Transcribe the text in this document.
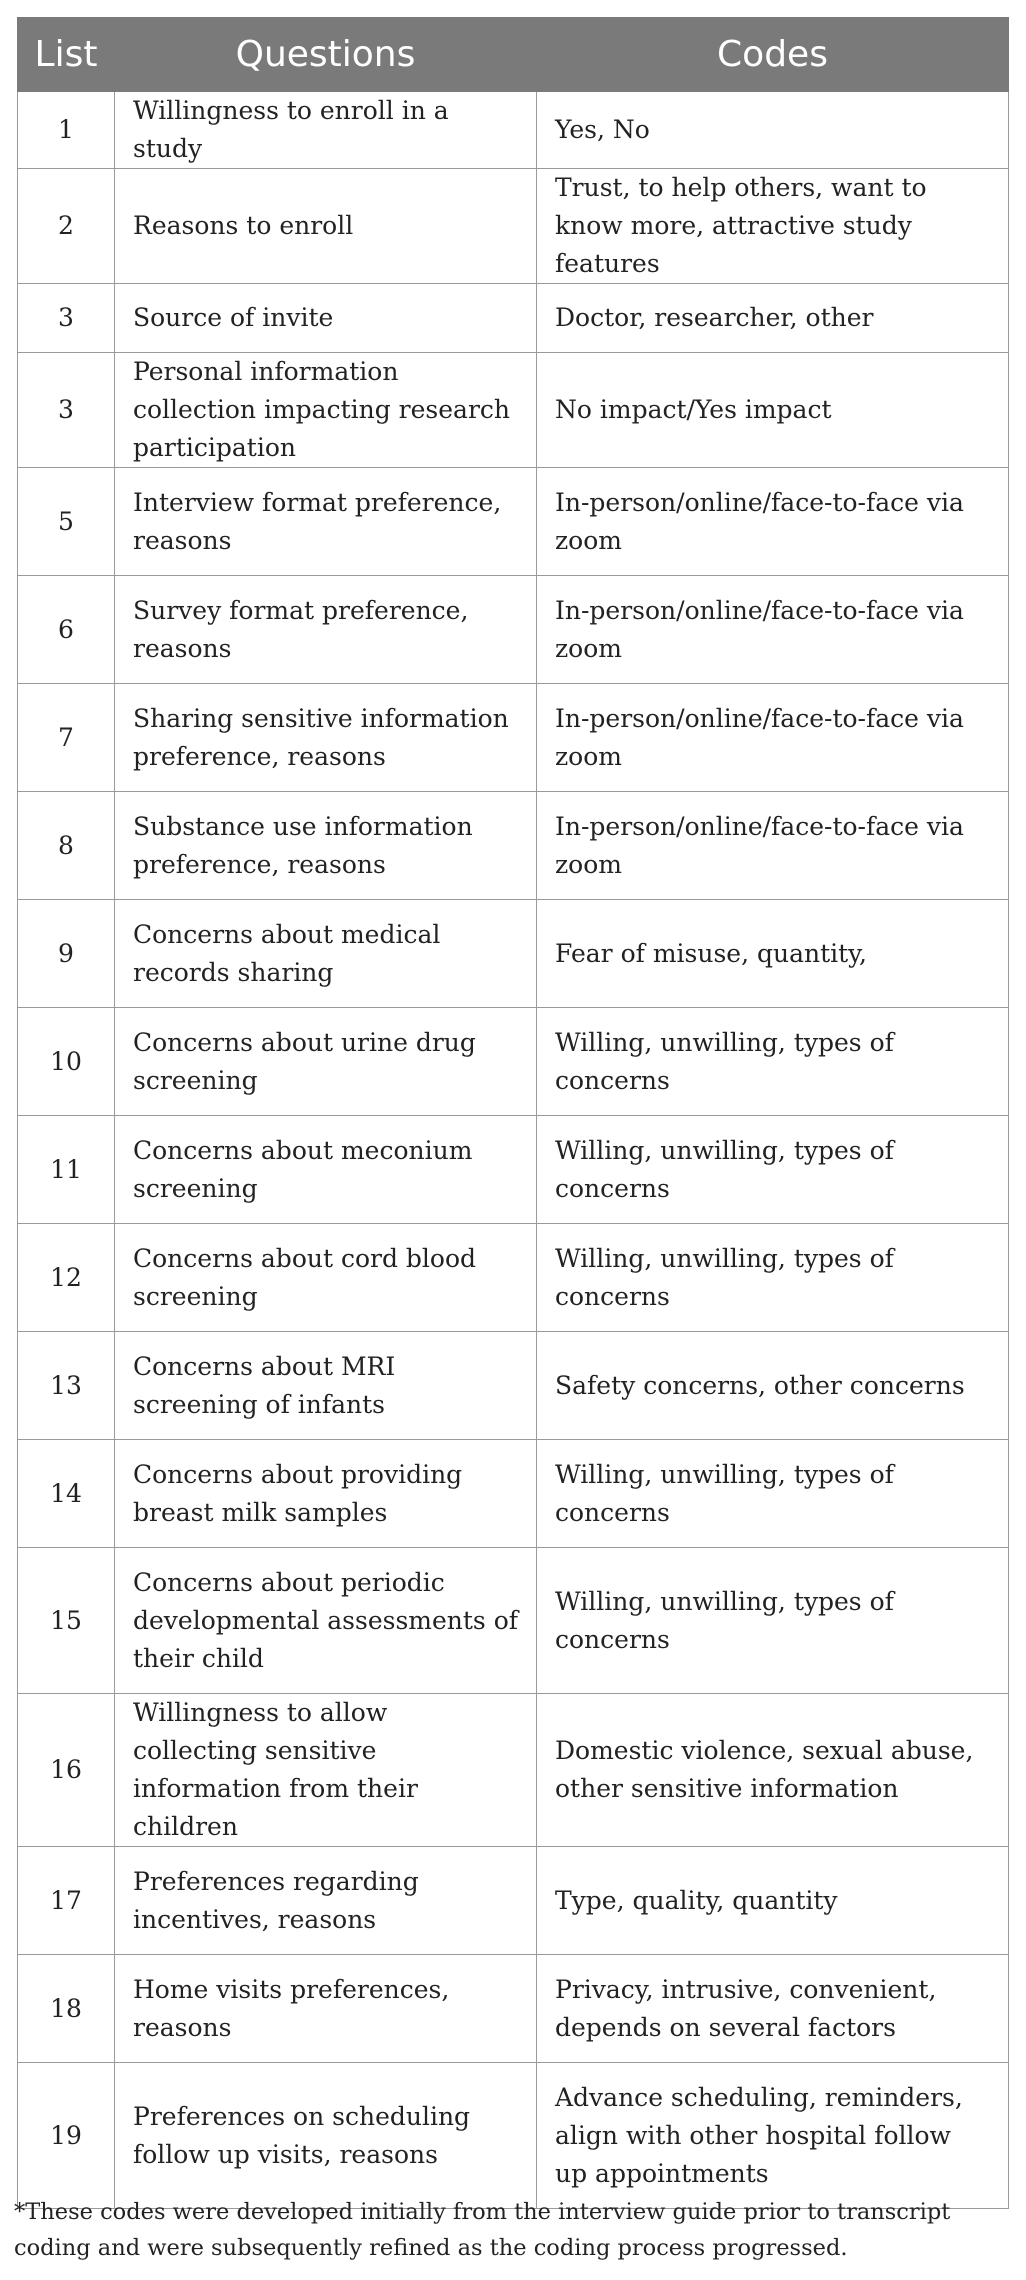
List	Questions	Codes
1	Willingness to enroll in a study	Yes, No
2	Reasons to enroll	Trust, to help others, want to know more, attractive study features
3	Source of invite	Doctor, researcher, other
3	Personal information collection impacting research participation	No impact/Yes impact
5	Interview format preference, reasons	In-person/online/face-to-face via zoom
6	Survey format preference, reasons	In-person/online/face-to-face via zoom
7	Sharing sensitive information preference, reasons	In-person/online/face-to-face via zoom
8	Substance use information preference, reasons	In-person/online/face-to-face via zoom
9	Concerns about medical records sharing	Fear of misuse, quantity,
10	Concerns about urine drug screening	Willing, unwilling, types of concerns
11	Concerns about meconium screening	Willing, unwilling, types of concerns
12	Concerns about cord blood screening	Willing, unwilling, types of concerns
13	Concerns about MRI screening of infants	Safety concerns, other concerns
14	Concerns about providing breast milk samples	Willing, unwilling, types of concerns
15	Concerns about periodic developmental assessments of their child	Willing, unwilling, types of concerns
16	Willingness to allow collecting sensitive information from their children	Domestic violence, sexual abuse, other sensitive information
17	Preferences regarding incentives, reasons	Type, quality, quantity
18	Home visits preferences, reasons	Privacy, intrusive, convenient, depends on several factors
19	Preferences on scheduling follow up visits, reasons	Advance scheduling, reminders, align with other hospital follow up appointments
*These codes were developed initially from the interview guide prior to transcript coding and were subsequently refined as the coding process progressed.
